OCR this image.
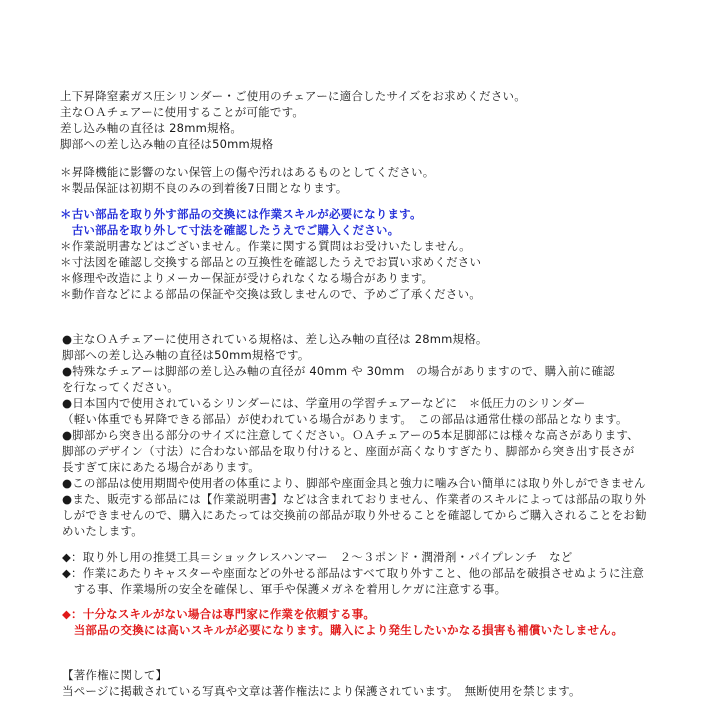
上下昇降窒素ガス圧シリンダー・ご使用のチェアーに適合したサイズをお求めください。
主なＯＡチェアーに使用することが可能です。
差し込み軸の直径は 28mm規格。
脚部への差し込み軸の直径は50mm規格
＊昇降機能に影響のない保管上の傷や汚れはあるものとしてください。
＊製品保証は初期不良のみの到着後7日間となります。
＊古い部品を取り外す部品の交換には作業スキルが必要になります。
　古い部品を取り外して寸法を確認したうえでご購入ください。
＊作業説明書などはございません。作業に関する質問はお受けいたしません。
＊寸法図を確認し交換する部品との互換性を確認したうえでお買い求めください
＊修理や改造によりメーカー保証が受けられなくなる場合があります。
＊動作音などによる部品の保証や交換は致しませんので、予めご了承ください。
●主なＯＡチェアーに使用されている規格は、差し込み軸の直径は 28mm規格。
脚部への差し込み軸の直径は50mm規格です。
●特殊なチェアーは脚部の差し込み軸の直径が 40mm や 30mm　の場合がありますので、購入前に確認
を行なってください。
●日本国内で使用されているシリンダーには、学童用の学習チェアーなどに　＊低圧力のシリンダー
（軽い体重でも昇降できる部品）が使われている場合があります。　この部品は通常仕様の部品となります。
●脚部から突き出る部分のサイズに注意してください。ＯＡチェアーの5本足脚部には様々な高さがあります、
脚部のデザイン（寸法）に合わない部品を取り付けると、座面が高くなりすぎたり、脚部から突き出す長さが
長すぎて床にあたる場合があります。
●この部品は使用期間や使用者の体重により、脚部や座面金具と強力に噛み合い簡単には取り外しができません
●また、販売する部品には【作業説明書】などは含まれておりません、作業者のスキルによっては部品の取り外
しができませんので、購入にあたっては交換前の部品が取り外せることを確認してからご購入されることをお勧
めいたします。
◆：取り外し用の推奨工具＝ショックレスハンマー　２～３ポンド・潤滑剤・パイプレンチ　など
◆：作業にあたりキャスターや座面などの外せる部品はすべて取り外すこと、他の部品を破損させぬように注意
　する事、作業場所の安全を確保し、軍手や保護メガネを着用しケガに注意する事。
◆：十分なスキルがない場合は専門家に作業を依頼する事。
　当部品の交換には高いスキルが必要になります。購入により発生したいかなる損害も補償いたしません。
【著作権に関して】
当ページに掲載されている写真や文章は著作権法により保護されています。　無断使用を禁じます。
